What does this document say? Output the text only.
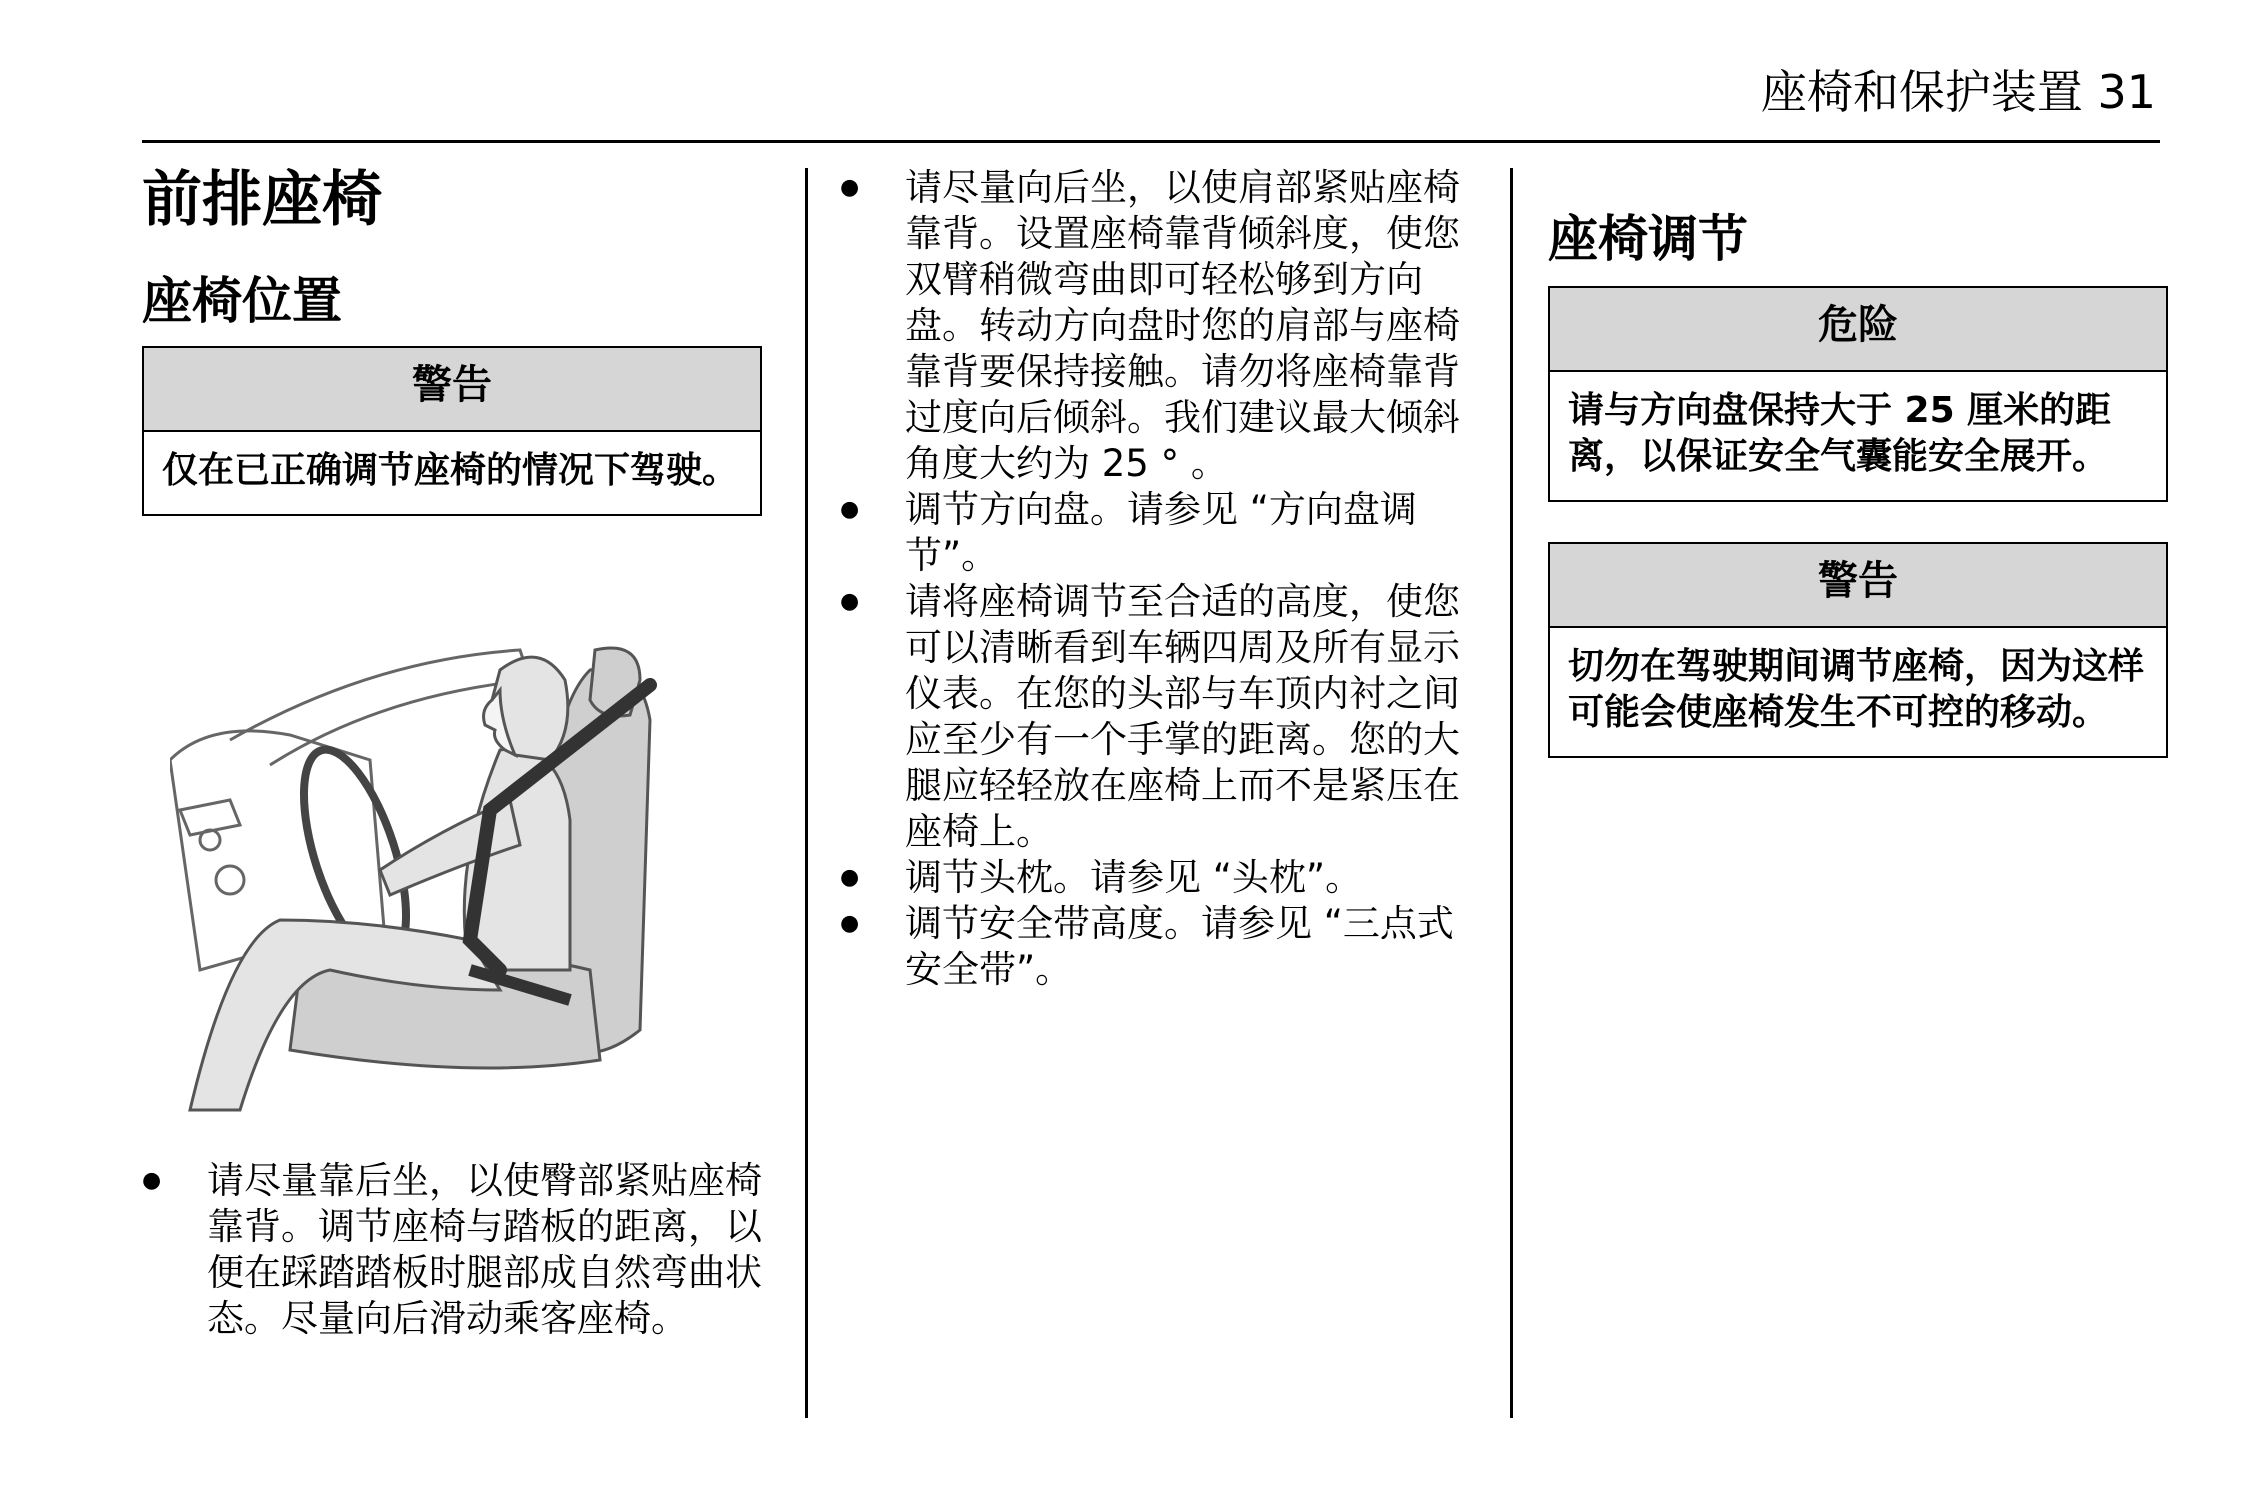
座椅和保护装置 31
前排座椅
座椅位置
警告
仅在已正确调节座椅的情况下驾驶。
● 请尽量靠后坐，以使臀部紧贴座椅靠背。调节座椅与踏板的距离，以便在踩踏踏板时腿部成自然弯曲状态。尽量向后滑动乘客座椅。
● 请尽量向后坐，以使肩部紧贴座椅靠背。设置座椅靠背倾斜度，使您双臂稍微弯曲即可轻松够到方向盘。转动方向盘时您的肩部与座椅靠背要保持接触。请勿将座椅靠背过度向后倾斜。我们建议最大倾斜角度大约为 25 ° 。
● 调节方向盘。请参见 “方向盘调节”。
● 请将座椅调节至合适的高度，使您可以清晰看到车辆四周及所有显示仪表。在您的头部与车顶内衬之间应至少有一个手掌的距离。您的大腿应轻轻放在座椅上而不是紧压在座椅上。
● 调节头枕。请参见 “头枕”。
● 调节安全带高度。请参见 “三点式安全带”。
座椅调节
危险
请与方向盘保持大于 25 厘米的距离，以保证安全气囊能安全展开。
警告
切勿在驾驶期间调节座椅，因为这样可能会使座椅发生不可控的移动。
